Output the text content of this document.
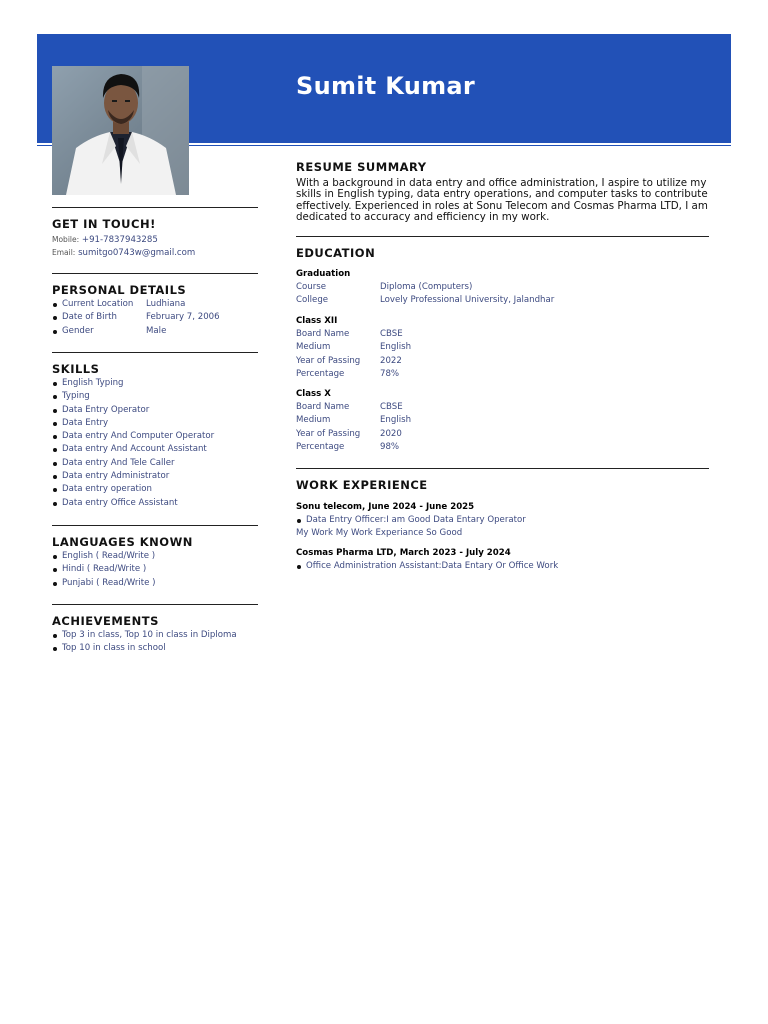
Sumit Kumar
GET IN TOUCH!
Mobile: +91-7837943285
Email: sumitgo0743w@gmail.com
PERSONAL DETAILS
Current Location	Ludhiana
Date of Birth	February 7, 2006
Gender	Male
SKILLS
English Typing
Typing
Data Entry Operator
Data Entry
Data entry And Computer Operator
Data entry And Account Assistant
Data entry And Tele Caller
Data entry Administrator
Data entry operation
Data entry Office Assistant
LANGUAGES KNOWN
English ( Read/Write )
Hindi ( Read/Write )
Punjabi ( Read/Write )
ACHIEVEMENTS
Top 3 in class, Top 10 in class in Diploma
Top 10 in class in school
RESUME SUMMARY
With a background in data entry and office administration, I aspire to utilize my skills in English typing, data entry operations, and computer tasks to contribute effectively. Experienced in roles at Sonu Telecom and Cosmas Pharma LTD, I am dedicated to accuracy and efficiency in my work.
EDUCATION
Graduation
Course	Diploma (Computers)
College	Lovely Professional University, Jalandhar
Class XII
Board Name	CBSE
Medium	English
Year of Passing	2022
Percentage	78%
Class X
Board Name	CBSE
Medium	English
Year of Passing	2020
Percentage	98%
WORK EXPERIENCE
Sonu telecom, June 2024 - June 2025
Data Entry Officer:I am Good Data Entary Operator
My Work My Work Experiance So Good
Cosmas Pharma LTD, March 2023 - July 2024
Office Administration Assistant:Data Entary Or Office Work
